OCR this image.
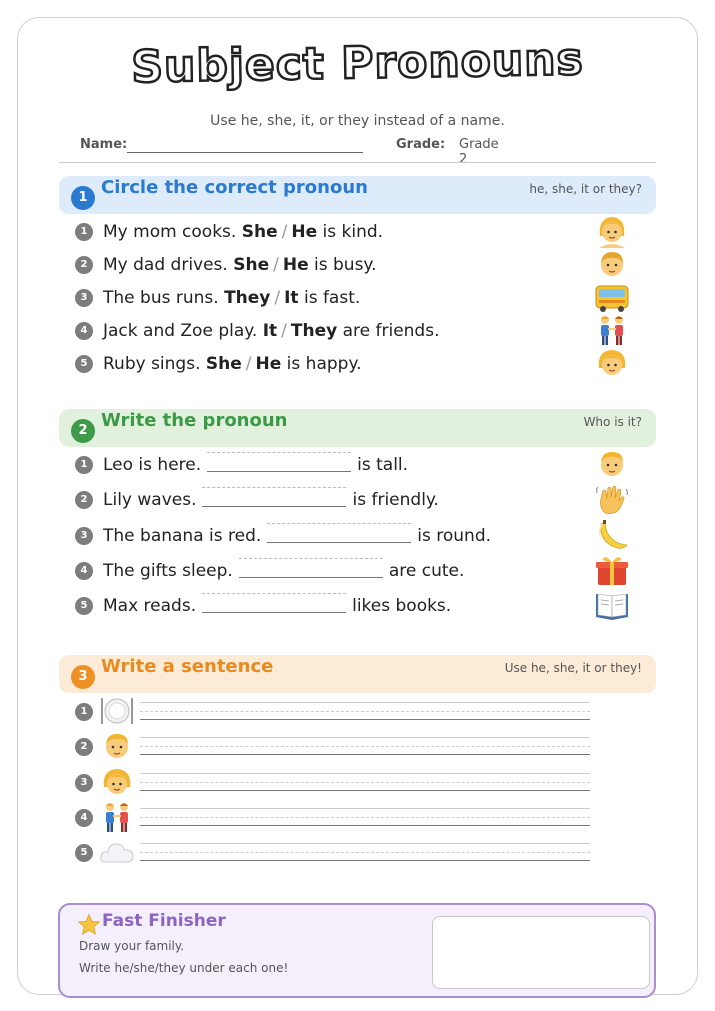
Subject Pronouns
Use he, she, it, or they instead of a name.
Name:	Grade: Grade 2
1 Circle the correct pronoun	he, she, it or they?
1 My mom cooks. She / He is kind.
2 My dad drives. She / He is busy.
3 The bus runs. They / It is fast.
4 Jack and Zoe play. It / They are friends.
5 Ruby sings. She / He is happy.
2 Write the pronoun	Who is it?
1 Leo is here.	is tall.
2 Lily waves.	is friendly.
3 The banana is red.	is round.
4 The gifts sleep.	are cute.
5 Max reads.	likes books.
3 Write a sentence	Use he, she, it or they!
1
2
3
4
5
Fast Finisher
Draw your family.
Write he/she/they under each one!
